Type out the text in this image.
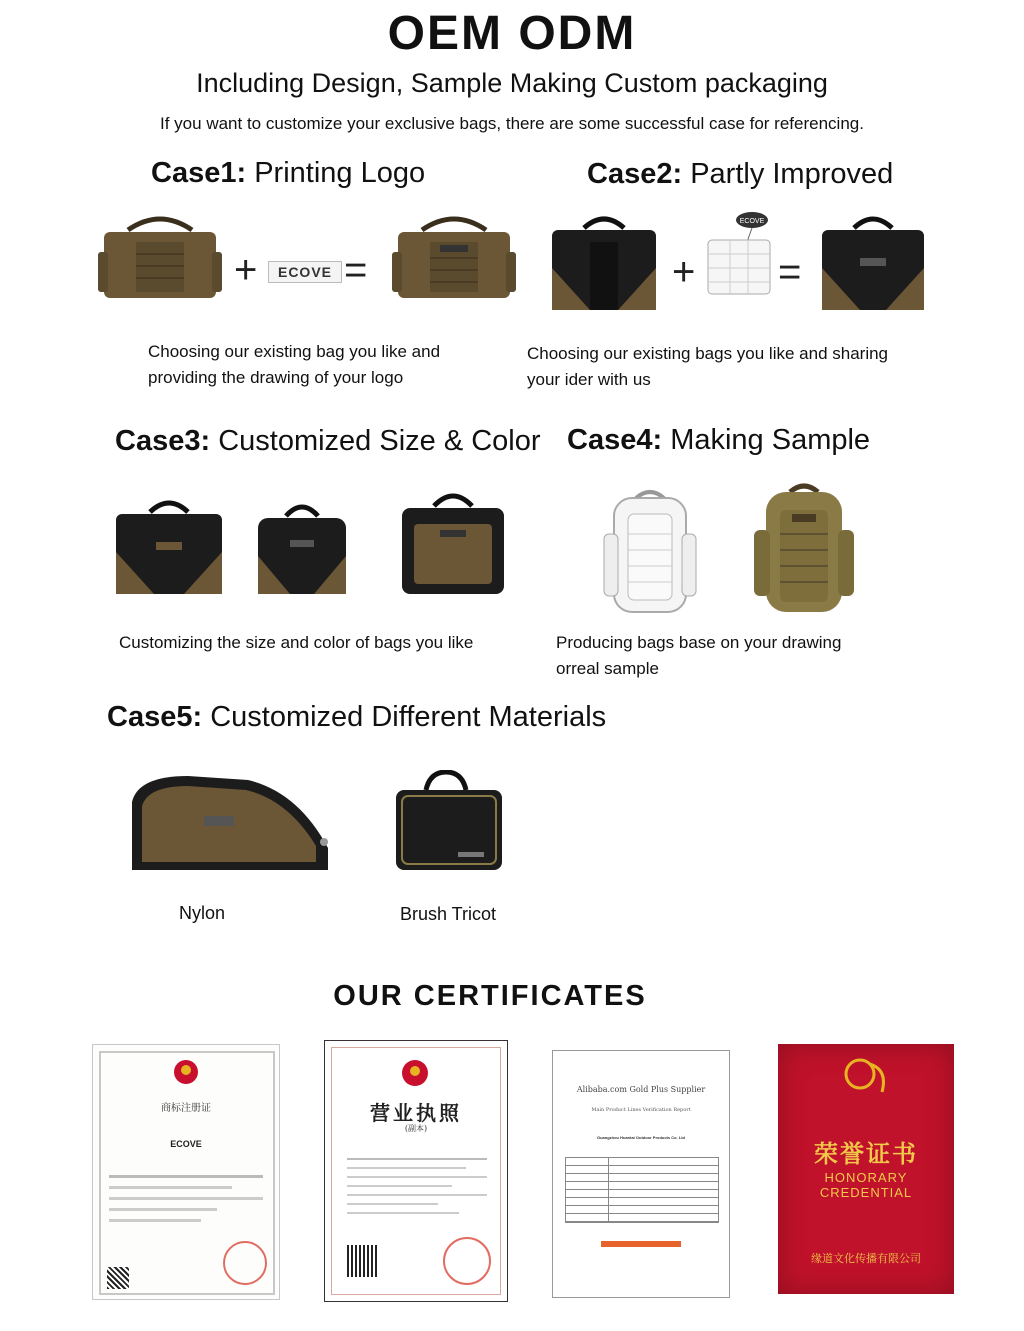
OEM ODM
Including Design, Sample Making Custom packaging
If you want to customize your exclusive bags, there are some successful case for referencing.
Case1: Printing Logo
+	ECOVE =
Choosing our existing bag you like and
providing the drawing of your logo
Case2: Partly Improved
+
ECOVE
=
Choosing our existing bags you like and sharing
your ider with us
Case3: Customized Size & Color
Customizing the size and color of bags you like
Case4: Making Sample
Producing bags base on your drawing
orreal sample
Case5: Customized Different Materials
Nylon	Brush Tricot
OUR CERTIFICATES
商标注册证
ECOVE
营业执照
(副本)
Alibaba.com Gold Plus Supplier
Main Product Lines Verification Report
Guangzhou Huantai Outdoor Products Co. Ltd
荣誉证书
HONORARY
CREDENTIAL
缘道文化传播有限公司
